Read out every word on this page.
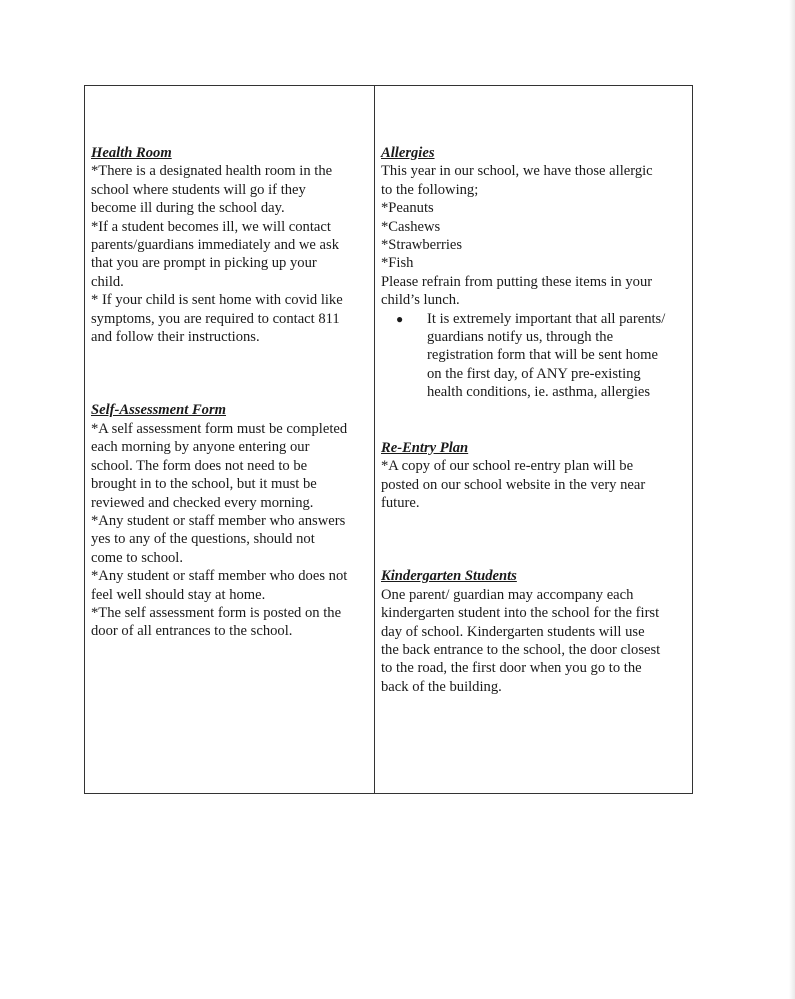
Health Room
*There is a designated health room in the
school where students will go if they
become ill during the school day.
*If a student becomes ill, we will contact
parents/guardians immediately and we ask
that you are prompt in picking up your
child.
* If your child is sent home with covid like
symptoms, you are required to contact 811
and follow their instructions.
Self-Assessment Form
*A self assessment form must be completed
each morning by anyone entering our
school. The form does not need to be
brought in to the school, but it must be
reviewed and checked every morning.
*Any student or staff member who answers
yes to any of the questions, should not
come to school.
*Any student or staff member who does not
feel well should stay at home.
*The self assessment form is posted on the
door of all entrances to the school.
Allergies
This year in our school, we have those allergic
to the following;
*Peanuts
*Cashews
*Strawberries
*Fish
Please refrain from putting these items in your
child’s lunch.
● It is extremely important that all parents/
guardians notify us, through the
registration form that will be sent home
on the first day, of ANY pre-existing
health conditions, ie. asthma, allergies
Re-Entry Plan
*A copy of our school re-entry plan will be
posted on our school website in the very near
future.
Kindergarten Students
One parent/ guardian may accompany each
kindergarten student into the school for the first
day of school. Kindergarten students will use
the back entrance to the school, the door closest
to the road, the first door when you go to the
back of the building.
